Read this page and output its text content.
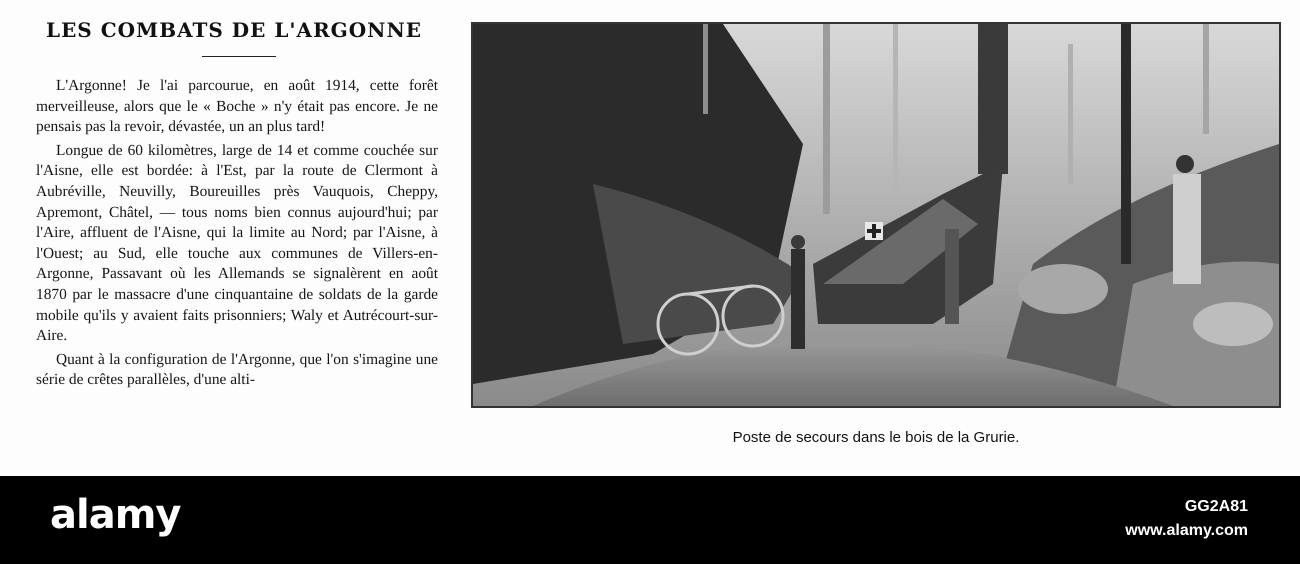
LES COMBATS DE L'ARGONNE

L'Argonne! Je l'ai parcourue, en août 1914, cette forêt merveilleuse, alors que le « Boche » n'y était pas encore. Je ne pensais pas la revoir, dévastée, un an plus tard!

Longue de 60 kilomètres, large de 14 et comme couchée sur l'Aisne, elle est bordée: à l'Est, par la route de Clermont à Aubréville, Neuvilly, Boureuilles près Vauquois, Cheppy, Apremont, Châtel, — tous noms bien connus aujourd'hui; par l'Aire, affluent de l'Aisne, qui la limite au Nord; par l'Aisne, à l'Ouest; au Sud, elle touche aux communes de Villers-en-Argonne, Passavant où les Allemands se signalèrent en août 1870 par le massacre d'une cinquantaine de soldats de la garde mobile qu'ils y avaient faits prisonniers; Waly et Autrécourt-sur-Aire.

Quant à la configuration de l'Argonne, que l'on s'imagine une série de crêtes parallèles, d'une alti-

Poste de secours dans le bois de la Grurie.
alamy	GG2A81
www.alamy.com
